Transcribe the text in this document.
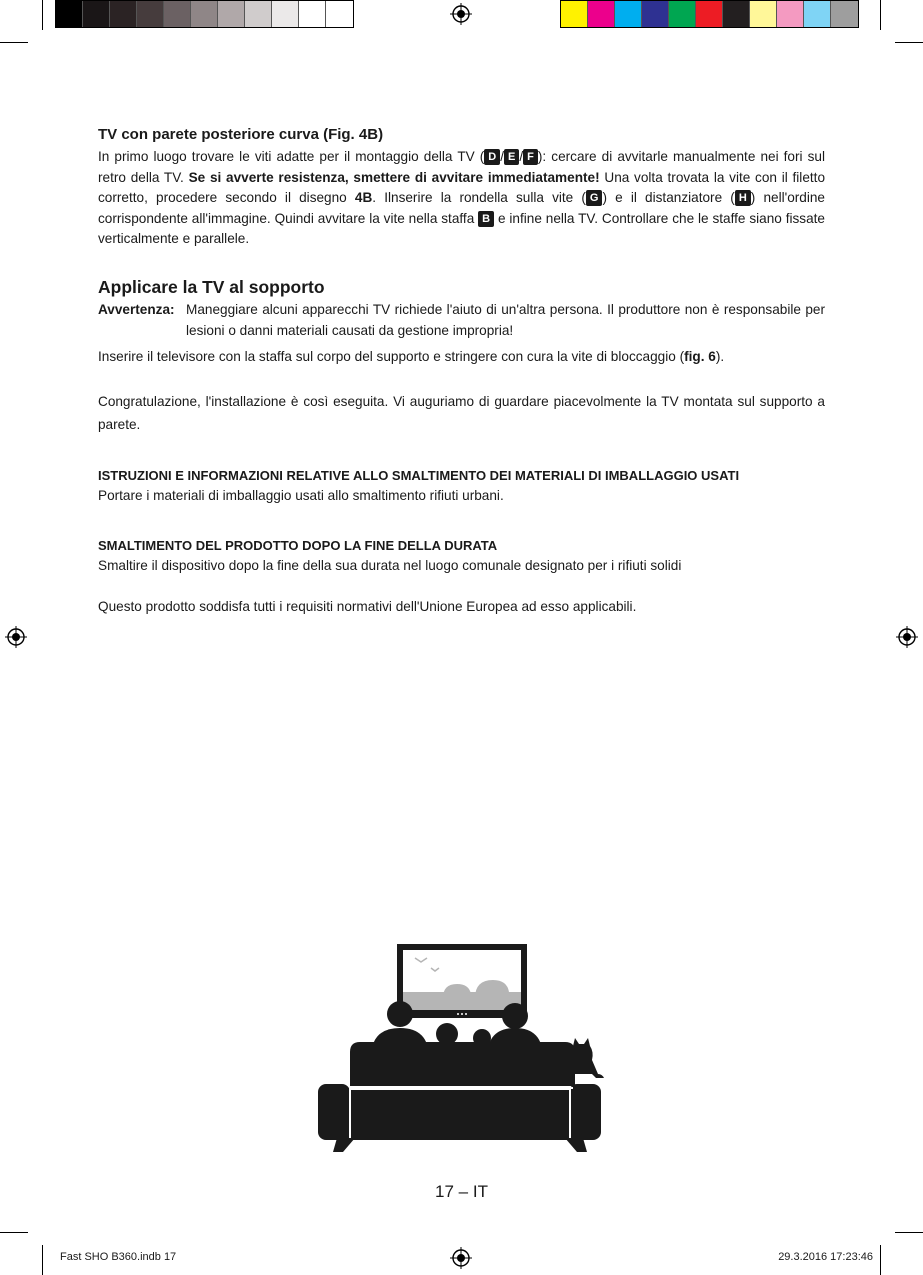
TV con parete posteriore curva (Fig. 4B)

In primo luogo trovare le viti adatte per il montaggio della TV ( D / E / F ): cercare di avvitarle manualmente nei fori sul retro della TV. Se si avverte resistenza, smettere di avvitare immediatamente! Una volta trovata la vite con il filetto corretto, procedere secondo il disegno 4B. Ilnserire la rondella sulla vite ( G ) e il distanziatore ( H ) nell'ordine corrispondente all'immagine. Quindi avvitare la vite nella staffa B e infine nella TV. Controllare che le staffe siano fissate verticalmente e parallele.

Applicare la TV al sopporto
Avvertenza: Maneggiare alcuni apparecchi TV richiede l'aiuto di un'altra persona. Il produttore non è responsabile per lesioni o danni materiali causati da gestione impropria!

Inserire il televisore con la staffa sul corpo del supporto e stringere con cura la vite di bloccaggio (fig. 6).

Congratulazione, l'installazione è così eseguita. Vi auguriamo di guardare piacevolmente la TV montata sul supporto a parete.

ISTRUZIONI E INFORMAZIONI RELATIVE ALLO SMALTIMENTO DEI MATERIALI DI IMBALLAGGIO USATI

Portare i materiali di imballaggio usati allo smaltimento rifiuti urbani.

SMALTIMENTO DEL PRODOTTO DOPO LA FINE DELLA DURATA

Smaltire il dispositivo dopo la fine della sua durata nel luogo comunale designato per i rifiuti solidi

Questo prodotto soddisfa tutti i requisiti normativi dell'Unione Europea ad esso applicabili.

17 – IT
Fast SHO B360.indb 17	29.3.2016 17:23:46
